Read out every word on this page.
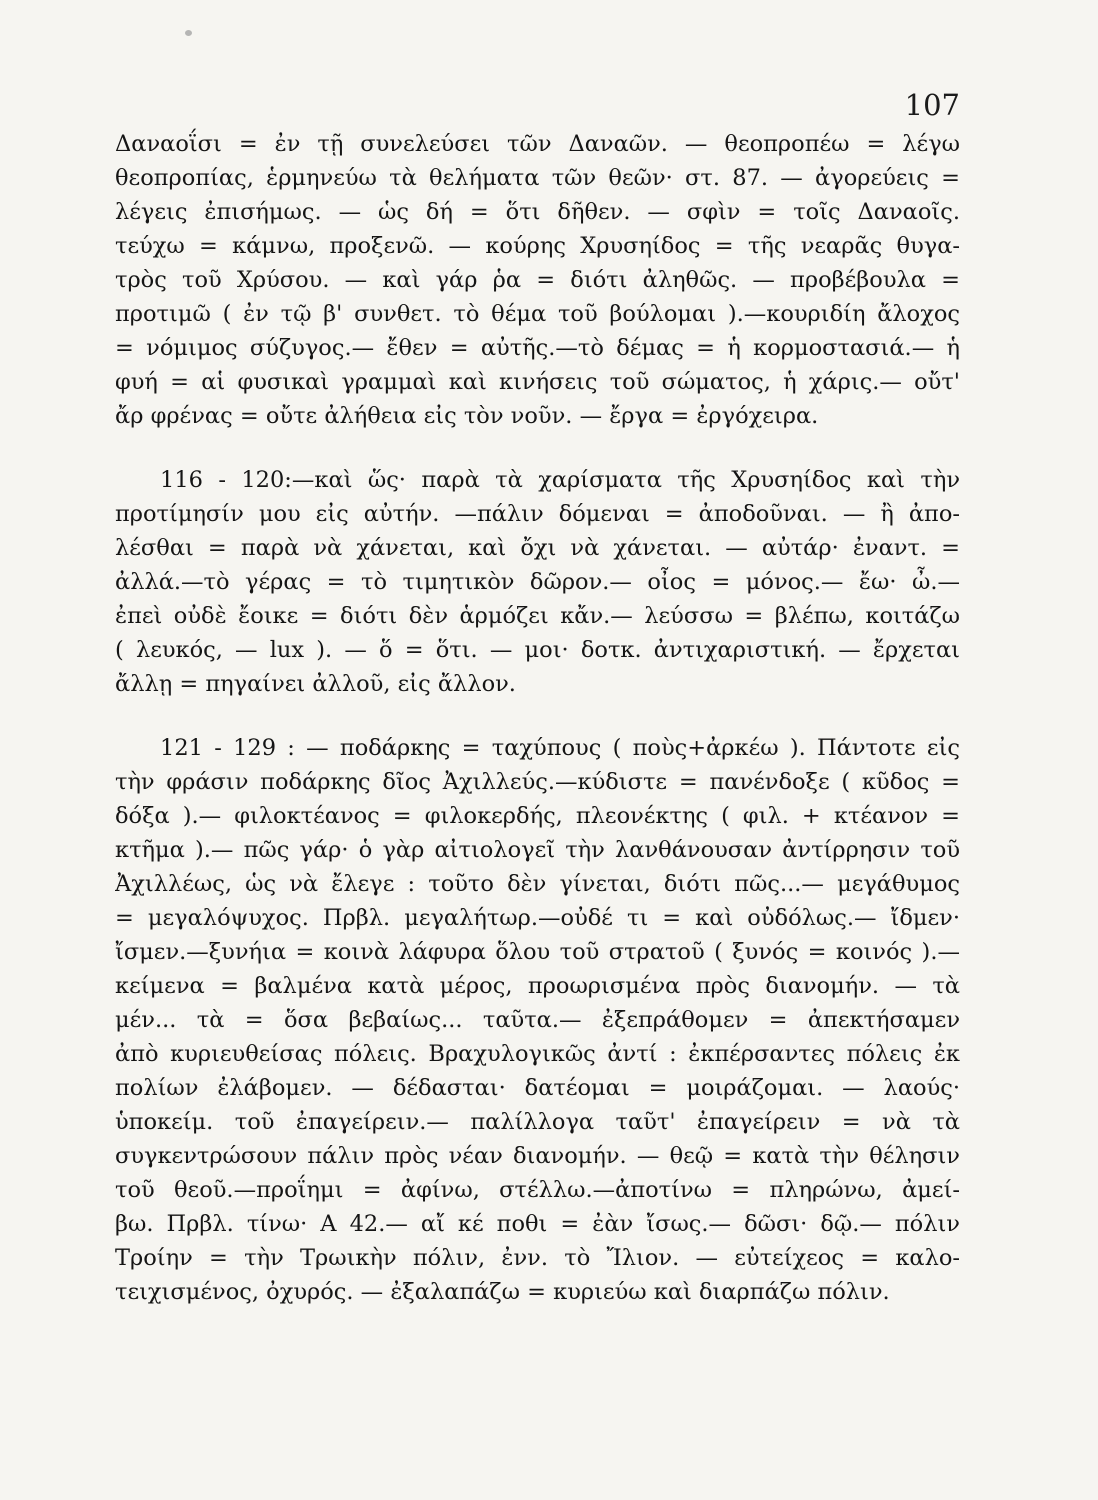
107
Δαναοΐσι = ἐν τῇ συνελεύσει τῶν Δαναῶν. — θεοπροπέω = λέγω
θεοπροπίας, ἑρμηνεύω τὰ θελήματα τῶν θεῶν· στ. 87. — ἀγορεύεις =
λέγεις ἐπισήμως. — ὡς δή = ὅτι δῆθεν. — σφὶν = τοῖς Δαναοῖς.
τεύχω = κάμνω, προξενῶ. — κούρης Χρυσηίδος = τῆς νεαρᾶς θυγα-
τρὸς τοῦ Χρύσου. — καὶ γάρ ῥα = διότι ἀληθῶς. — προβέβουλα =
προτιμῶ ( ἐν τῷ β' συνθετ. τὸ θέμα τοῦ βούλομαι ).—κουριδίη ἄλοχος
= νόμιμος σύζυγος.— ἔθεν = αὐτῆς.—τὸ δέμας = ἡ κορμοστασιά.— ἡ
φυή = αἱ φυσικαὶ γραμμαὶ καὶ κινήσεις τοῦ σώματος, ἡ χάρις.— οὔτ'
ἄρ φρένας = οὔτε ἀλήθεια εἰς τὸν νοῦν. — ἔργα = ἐργόχειρα.
116 - 120:—καὶ ὥς· παρὰ τὰ χαρίσματα τῆς Χρυσηίδος καὶ τὴν
προτίμησίν μου εἰς αὐτήν. —πάλιν δόμεναι = ἀποδοῦναι. — ἢ ἀπο-
λέσθαι = παρὰ νὰ χάνεται, καὶ ὄχι νὰ χάνεται. — αὐτάρ· ἐναντ. =
ἀλλά.—τὸ γέρας = τὸ τιμητικὸν δῶρον.— οἶος = μόνος.— ἔω· ὦ.—
ἐπεὶ οὐδὲ ἔοικε = διότι δὲν ἁρμόζει κἄν.— λεύσσω = βλέπω, κοιτάζω
( λευκός, — lux ). — ὅ = ὅτι. — μοι· δοτκ. ἀντιχαριστική. — ἔρχεται
ἄλλῃ = πηγαίνει ἀλλοῦ, εἰς ἄλλον.
121 - 129 : — ποδάρκης = ταχύπους ( ποὺς+ἀρκέω ). Πάντοτε εἰς
τὴν φράσιν ποδάρκης δῖος Ἀχιλλεύς.—κύδιστε = πανένδοξε ( κῦδος =
δόξα ).— φιλοκτέανος = φιλοκερδής, πλεονέκτης ( φιλ. + κτέανον =
κτῆμα ).— πῶς γάρ· ὁ γὰρ αἰτιολογεῖ τὴν λανθάνουσαν ἀντίρρησιν τοῦ
Ἀχιλλέως, ὡς νὰ ἔλεγε : τοῦτο δὲν γίνεται, διότι πῶς...— μεγάθυμος
= μεγαλόψυχος. Πρβλ. μεγαλήτωρ.—οὐδέ τι = καὶ οὐδόλως.— ἴδμεν·
ἴσμεν.—ξυνήια = κοινὰ λάφυρα ὅλου τοῦ στρατοῦ ( ξυνός = κοινός ).—
κείμενα = βαλμένα κατὰ μέρος, προωρισμένα πρὸς διανομήν. — τὰ
μέν... τὰ = ὅσα βεβαίως... ταῦτα.— ἐξεπράθομεν = ἀπεκτήσαμεν
ἀπὸ κυριευθείσας πόλεις. Βραχυλογικῶς ἀντί : ἐκπέρσαντες πόλεις ἐκ
πολίων ἐλάβομεν. — δέδασται· δατέομαι = μοιράζομαι. — λαούς·
ὑποκείμ. τοῦ ἐπαγείρειν.— παλίλλογα ταῦτ' ἐπαγείρειν = νὰ τὰ
συγκεντρώσουν πάλιν πρὸς νέαν διανομήν. — θεῷ = κατὰ τὴν θέλησιν
τοῦ θεοῦ.—προΐημι = ἀφίνω, στέλλω.—ἀποτίνω = πληρώνω, ἀμεί-
βω. Πρβλ. τίνω· Α 42.— αἴ κέ ποθι = ἐὰν ἴσως.— δῶσι· δῷ.— πόλιν
Τροίην = τὴν Τρωικὴν πόλιν, ἐνν. τὸ Ἴλιον. — εὐτείχεος = καλο-
τειχισμένος, ὀχυρός. — ἐξαλαπάζω = κυριεύω καὶ διαρπάζω πόλιν.
